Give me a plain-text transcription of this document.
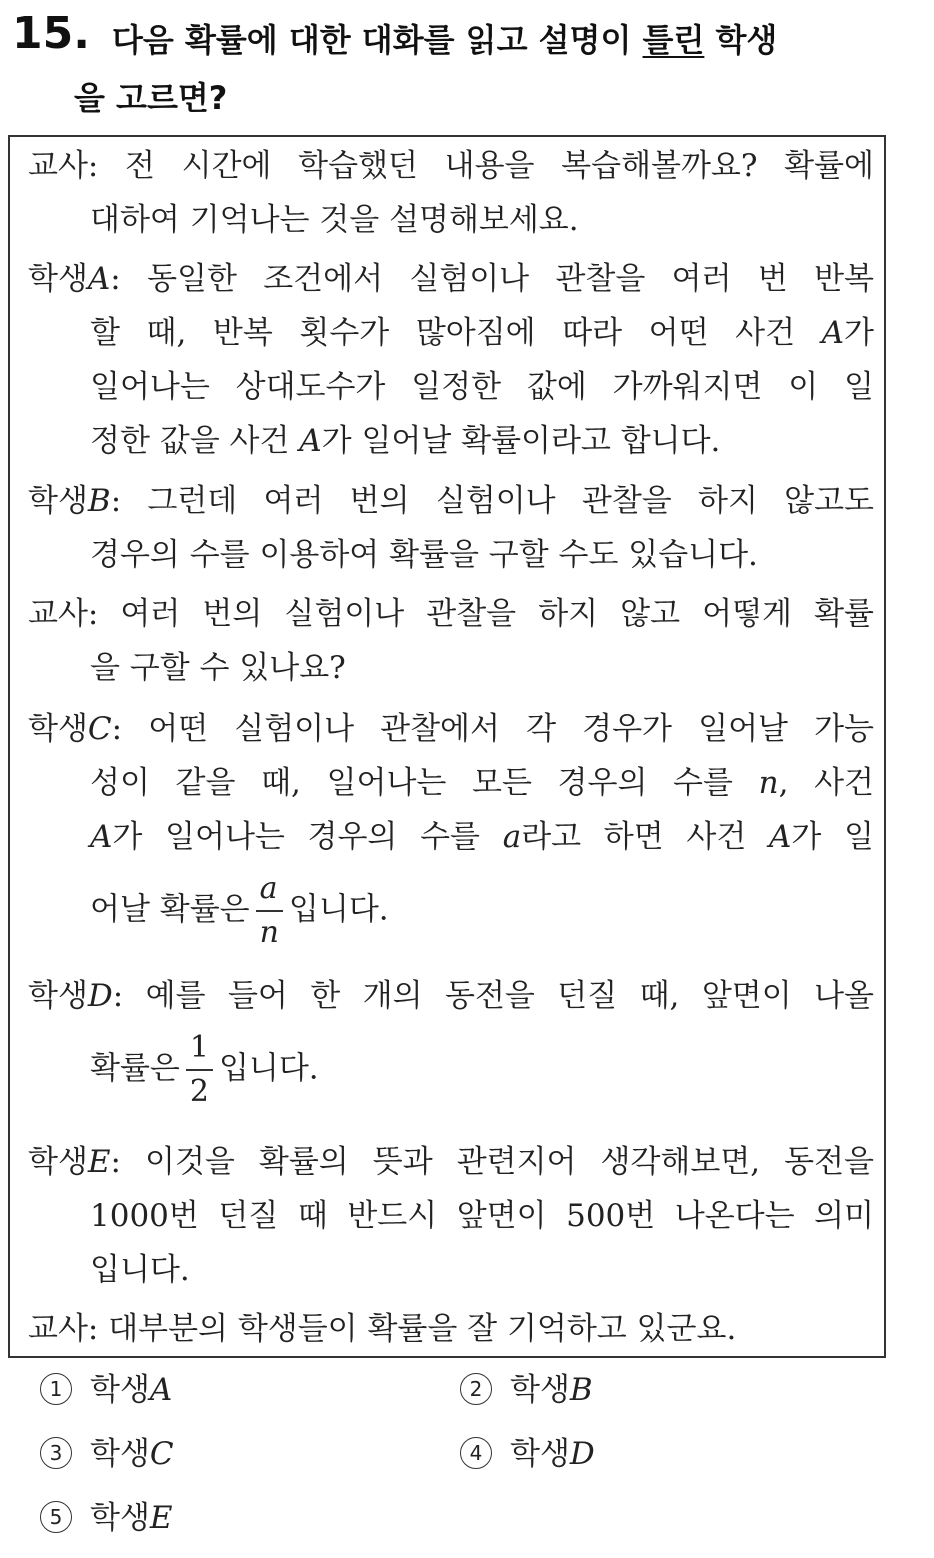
15. 다음 확률에 대한 대화를 읽고 설명이 틀린 학생
을 고르면?
교사: 전 시간에 학습했던 내용을 복습해볼까요? 확률에
대하여 기억나는 것을 설명해보세요.
학생A: 동일한 조건에서 실험이나 관찰을 여러 번 반복
할 때, 반복 횟수가 많아짐에 따라 어떤 사건 A가
일어나는 상대도수가 일정한 값에 가까워지면 이 일
정한 값을 사건 A가 일어날 확률이라고 합니다.
학생B: 그런데 여러 번의 실험이나 관찰을 하지 않고도
경우의 수를 이용하여 확률을 구할 수도 있습니다.
교사: 여러 번의 실험이나 관찰을 하지 않고 어떻게 확률
을 구할 수 있나요?
학생C: 어떤 실험이나 관찰에서 각 경우가 일어날 가능
성이 같을 때, 일어나는 모든 경우의 수를 n, 사건
A가 일어나는 경우의 수를 a라고 하면 사건 A가 일
어날 확률은 $\frac{a}{n}$ 입니다.
학생D: 예를 들어 한 개의 동전을 던질 때, 앞면이 나올
확률은 $\frac{1}{2}$ 입니다.
학생E: 이것을 확률의 뜻과 관련지어 생각해보면, 동전을
1000번 던질 때 반드시 앞면이 500번 나온다는 의미
입니다.
교사: 대부분의 학생들이 확률을 잘 기억하고 있군요.
1 학생A	2 학생B
3 학생C	4 학생D
5 학생E
